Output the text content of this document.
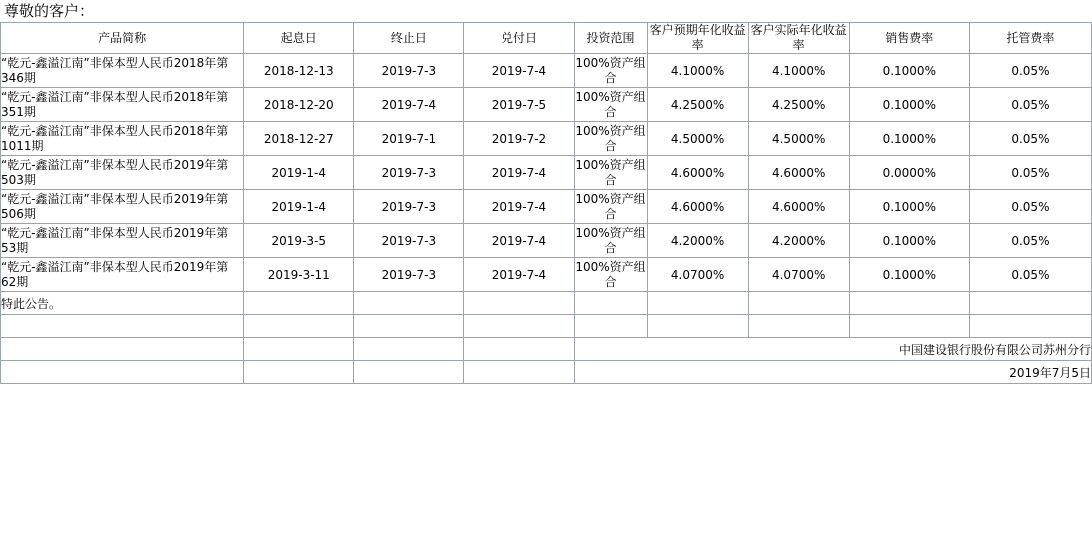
尊敬的客户：
产品简称	起息日	终止日	兑付日	投资范围	客户预期年化收益率	客户实际年化收益率	销售费率	托管费率
“乾元-鑫溢江南”非保本型人民币2018年第346期	2018-12-13	2019-7-3	2019-7-4	100%资产组合	4.1000%	4.1000%	0.1000%	0.05%
“乾元-鑫溢江南”非保本型人民币2018年第351期	2018-12-20	2019-7-4	2019-7-5	100%资产组合	4.2500%	4.2500%	0.1000%	0.05%
“乾元-鑫溢江南”非保本型人民币2018年第1011期	2018-12-27	2019-7-1	2019-7-2	100%资产组合	4.5000%	4.5000%	0.1000%	0.05%
“乾元-鑫溢江南”非保本型人民币2019年第503期	2019-1-4	2019-7-3	2019-7-4	100%资产组合	4.6000%	4.6000%	0.0000%	0.05%
“乾元-鑫溢江南”非保本型人民币2019年第506期	2019-1-4	2019-7-3	2019-7-4	100%资产组合	4.6000%	4.6000%	0.1000%	0.05%
“乾元-鑫溢江南”非保本型人民币2019年第53期	2019-3-5	2019-7-3	2019-7-4	100%资产组合	4.2000%	4.2000%	0.1000%	0.05%
“乾元-鑫溢江南”非保本型人民币2019年第62期	2019-3-11	2019-7-3	2019-7-4	100%资产组合	4.0700%	4.0700%	0.1000%	0.05%
特此公告。								

				中国建设银行股份有限公司苏州分行				
				2019年7月5日				
